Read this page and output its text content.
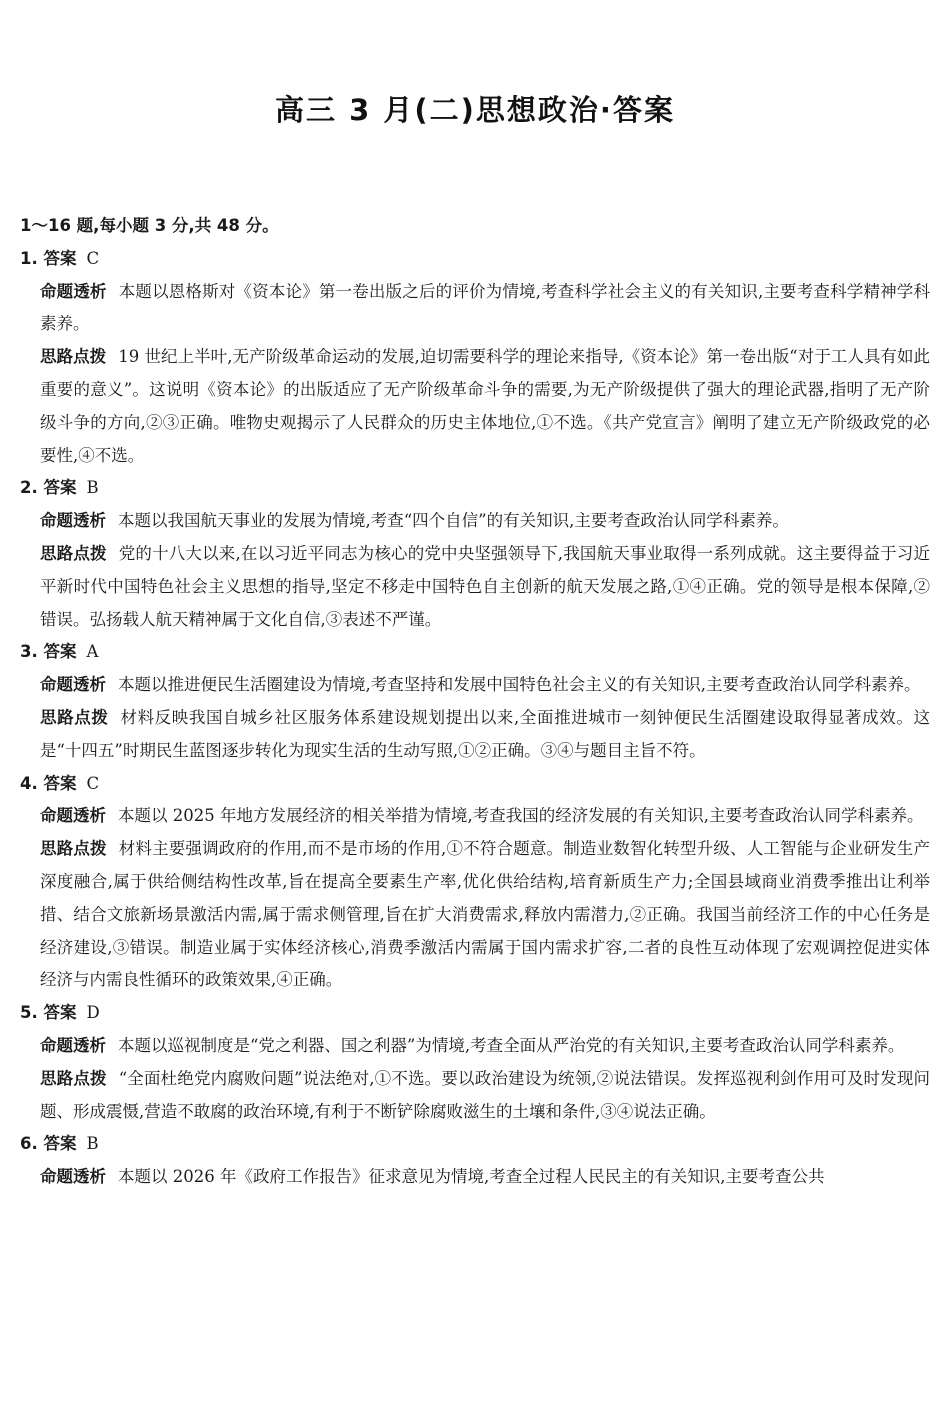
高三 3 月(二)思想政治·答案
1～16 题,每小题 3 分,共 48 分。
1. 答案 C
命题透析 本题以恩格斯对《资本论》第一卷出版之后的评价为情境,考查科学社会主义的有关知识,主要考查科学精神学科素养。
思路点拨 19 世纪上半叶,无产阶级革命运动的发展,迫切需要科学的理论来指导,《资本论》第一卷出版“对于工人具有如此重要的意义”。这说明《资本论》的出版适应了无产阶级革命斗争的需要,为无产阶级提供了强大的理论武器,指明了无产阶级斗争的方向,②③正确。唯物史观揭示了人民群众的历史主体地位,①不选。《共产党宣言》阐明了建立无产阶级政党的必要性,④不选。
2. 答案 B
命题透析 本题以我国航天事业的发展为情境,考查“四个自信”的有关知识,主要考查政治认同学科素养。
思路点拨 党的十八大以来,在以习近平同志为核心的党中央坚强领导下,我国航天事业取得一系列成就。这主要得益于习近平新时代中国特色社会主义思想的指导,坚定不移走中国特色自主创新的航天发展之路,①④正确。党的领导是根本保障,②错误。弘扬载人航天精神属于文化自信,③表述不严谨。
3. 答案 A
命题透析 本题以推进便民生活圈建设为情境,考查坚持和发展中国特色社会主义的有关知识,主要考查政治认同学科素养。
思路点拨 材料反映我国自城乡社区服务体系建设规划提出以来,全面推进城市一刻钟便民生活圈建设取得显著成效。这是“十四五”时期民生蓝图逐步转化为现实生活的生动写照,①②正确。③④与题目主旨不符。
4. 答案 C
命题透析 本题以 2025 年地方发展经济的相关举措为情境,考查我国的经济发展的有关知识,主要考查政治认同学科素养。
思路点拨 材料主要强调政府的作用,而不是市场的作用,①不符合题意。制造业数智化转型升级、人工智能与企业研发生产深度融合,属于供给侧结构性改革,旨在提高全要素生产率,优化供给结构,培育新质生产力;全国县域商业消费季推出让利举措、结合文旅新场景激活内需,属于需求侧管理,旨在扩大消费需求,释放内需潜力,②正确。我国当前经济工作的中心任务是经济建设,③错误。制造业属于实体经济核心,消费季激活内需属于国内需求扩容,二者的良性互动体现了宏观调控促进实体经济与内需良性循环的政策效果,④正确。
5. 答案 D
命题透析 本题以巡视制度是“党之利器、国之利器”为情境,考查全面从严治党的有关知识,主要考查政治认同学科素养。
思路点拨 “全面杜绝党内腐败问题”说法绝对,①不选。要以政治建设为统领,②说法错误。发挥巡视利剑作用可及时发现问题、形成震慑,营造不敢腐的政治环境,有利于不断铲除腐败滋生的土壤和条件,③④说法正确。
6. 答案 B
命题透析 本题以 2026 年《政府工作报告》征求意见为情境,考查全过程人民民主的有关知识,主要考查公共
